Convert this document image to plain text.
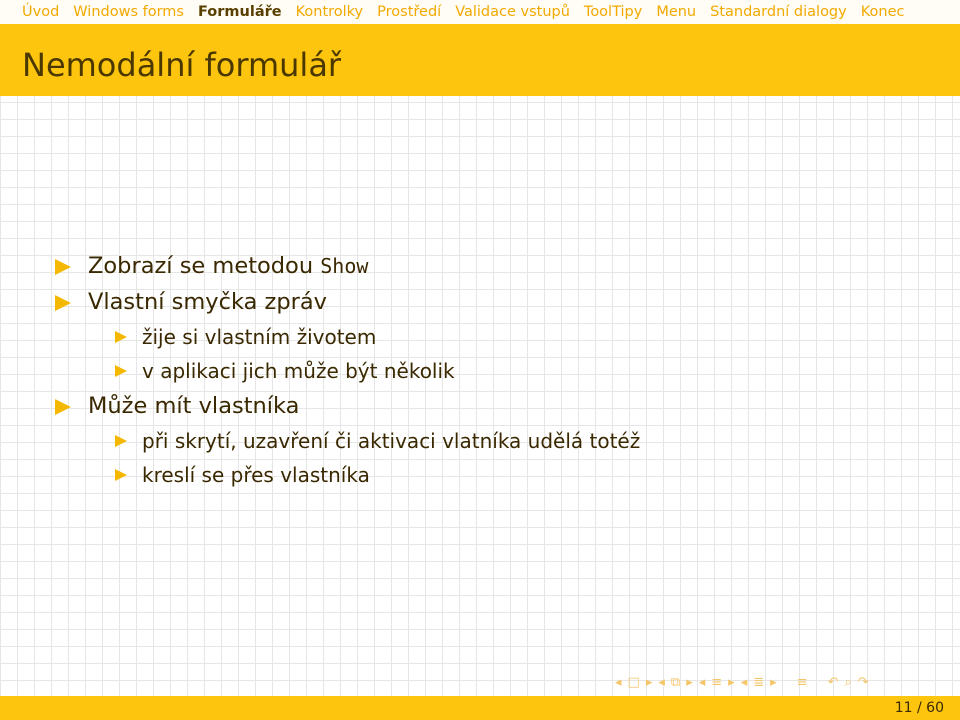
Úvod Windows forms Formuláře Kontrolky Prostředí Validace vstupů ToolTipy Menu Standardní dialogy Konec
Nemodální formulář
Zobrazí se metodou Show
Vlastní smyčka zpráv
žije si vlastním životem
v aplikaci jich může být několik
Může mít vlastníka
při skrytí, uzavření či aktivaci vlatníka udělá totéž
kreslí se přes vlastníka
◂ □ ▸ ◂ ⧉ ▸ ◂ ≡ ▸ ◂ ≣ ▸ ≡ ↶ ⌕ ↷
11 / 60
